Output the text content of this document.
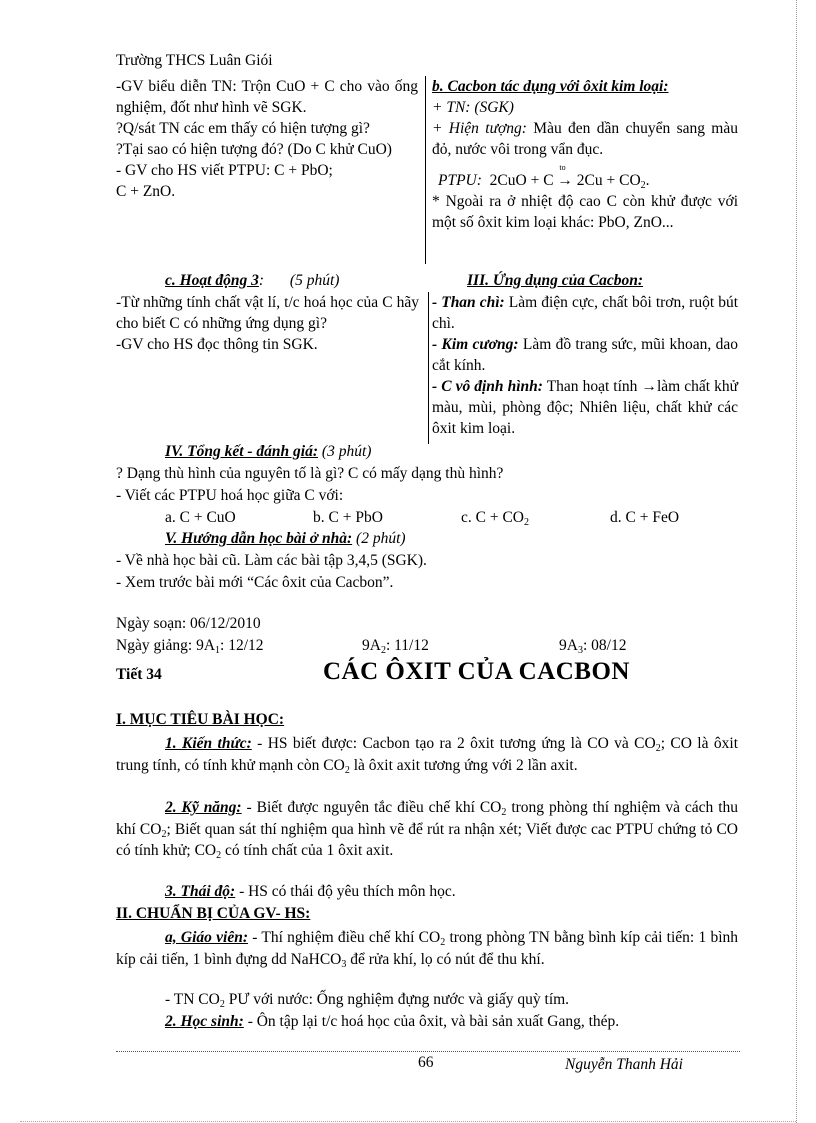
Trường THCS Luân Giói

-GV biểu diễn TN: Trộn CuO + C cho vào ống nghiệm, đốt như hình vẽ SGK.

?Q/sát TN các em thấy có hiện tượng gì?

?Tại sao có hiện tượng đó? (Do C khử CuO)

- GV cho HS viết PTPU: C + PbO;

C + ZnO.

b. Cacbon tác dụng với ôxit kim loại:

+ TN: (SGK)

+ Hiện tượng: Màu đen dần chuyển sang màu đỏ, nước vôi trong vẩn đục.

PTPU: 2CuO + C
to
→ $2Cu + CO_2$.

* Ngoài ra ở nhiệt độ cao C còn khử được với một số ôxit kim loại khác: PbO, ZnO...

c. Hoạt động 3: (5 phút)	III. Ứng dụng của Cacbon:

-Từ những tính chất vật lí, t/c hoá học của C hãy cho biết C có những ứng dụng gì?

-GV cho HS đọc thông tin SGK.

- Than chì: Làm điện cực, chất bôi trơn, ruột bút chì.

- Kim cương: Làm đồ trang sức, mũi khoan, dao cắt kính.

- C vô định hình: Than hoạt tính →làm chất khử màu, mùi, phòng độc; Nhiên liệu, chất khử các ôxit kim loại.

IV. Tổng kết - đánh giá: (3 phút)
? Dạng thù hình của nguyên tố là gì? C có mấy dạng thù hình?
- Viết các PTPU hoá học giữa C với:
a. C + CuO	b. C + PbO	c. $C + CO_2$	d. C + FeO
V. Hướng dẫn học bài ở nhà: (2 phút)
- Về nhà học bài cũ. Làm các bài tập 3,4,5 (SGK).
- Xem trước bài mới “Các ôxit của Cacbon”.
Ngày soạn: 06/12/2010
Ngày giảng: $9A_1$: 12/12	$9A_2$: 11/12	$9A_3$: 08/12
Tiết 34	CÁC ÔXIT CỦA CACBON
I. MỤC TIÊU BÀI HỌC:
1. Kiến thức: - HS biết được: Cacbon tạo ra 2 ôxit tương ứng là CO và $CO_2$; CO là ôxit trung tính, có tính khử mạnh còn $CO_2$ là ôxit axit tương ứng với 2 lần axit.
2. Kỹ năng: - Biết được nguyên tắc điều chế khí $CO_2$ trong phòng thí nghiệm và cách thu khí $CO_2$; Biết quan sát thí nghiệm qua hình vẽ để rút ra nhận xét; Viết được cac PTPU chứng tỏ CO có tính khử; $CO_2$ có tính chất của 1 ôxit axit.
3. Thái độ: - HS có thái độ yêu thích môn học.
II. CHUẨN BỊ CỦA GV- HS:
a, Giáo viên: - Thí nghiệm điều chế khí $CO_2$ trong phòng TN bằng bình kíp cải tiến: 1 bình kíp cải tiến, 1 bình đựng dd NaHCO$_3$ để rửa khí, lọ có nút để thu khí.
- TN $CO_2$ PƯ với nước: Ống nghiệm đựng nước và giấy quỳ tím.
2. Học sinh: - Ôn tập lại t/c hoá học của ôxit, và bài sản xuất Gang, thép.
66	Nguyễn Thanh Hải
